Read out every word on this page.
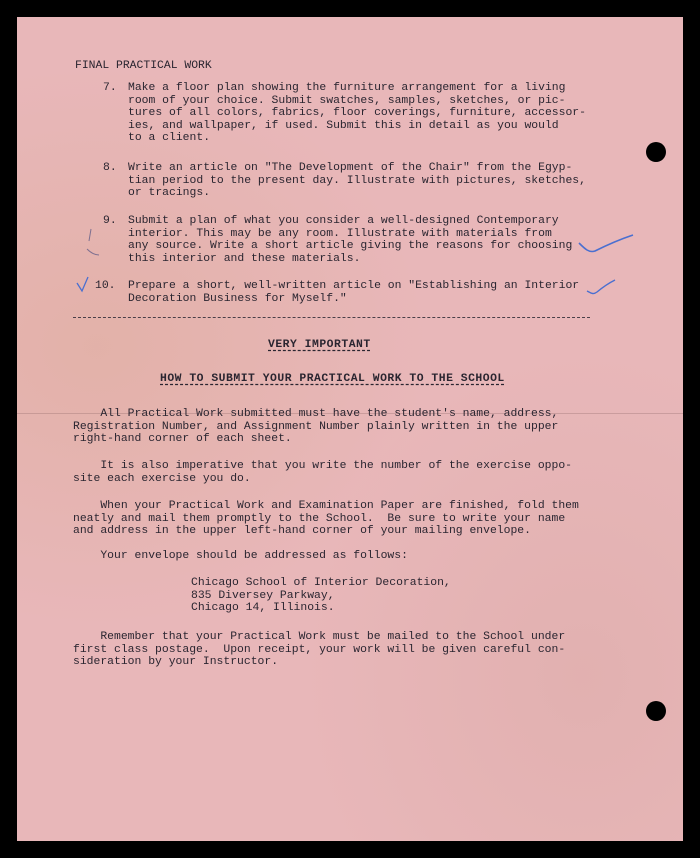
FINAL PRACTICAL WORK

7. Make a floor plan showing the furniture arrangement for a living
room of your choice. Submit swatches, samples, sketches, or pic-
tures of all colors, fabrics, floor coverings, furniture, accessor-
ies, and wallpaper, if used. Submit this in detail as you would
to a client.

8. Write an article on "The Development of the Chair" from the Egyp-
tian period to the present day. Illustrate with pictures, sketches,
or tracings.

9. Submit a plan of what you consider a well-designed Contemporary
interior. This may be any room. Illustrate with materials from
any source. Write a short article giving the reasons for choosing
this interior and these materials.

10. Prepare a short, well-written article on "Establishing an Interior
Decoration Business for Myself."

VERY IMPORTANT

HOW TO SUBMIT YOUR PRACTICAL WORK TO THE SCHOOL

All Practical Work submitted must have the student's name, address,
Registration Number, and Assignment Number plainly written in the upper
right-hand corner of each sheet.

It is also imperative that you write the number of the exercise oppo-
site each exercise you do.

When your Practical Work and Examination Paper are finished, fold them
neatly and mail them promptly to the School.  Be sure to write your name
and address in the upper left-hand corner of your mailing envelope.

Your envelope should be addressed as follows:

Chicago School of Interior Decoration,
835 Diversey Parkway,
Chicago 14, Illinois.

Remember that your Practical Work must be mailed to the School under
first class postage.  Upon receipt, your work will be given careful con-
sideration by your Instructor.
